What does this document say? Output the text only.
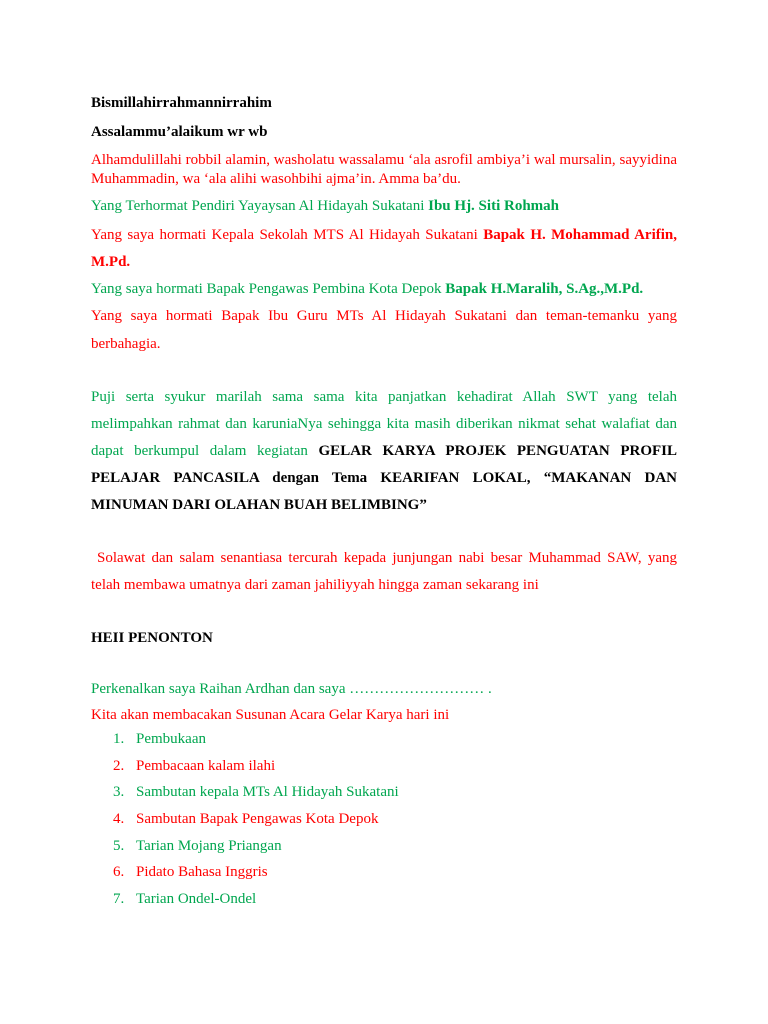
Bismillahirrahmannirrahim

Assalammu’alaikum wr wb

Alhamdulillahi robbil alamin, washolatu wassalamu ‘ala asrofil ambiya’i wal mursalin, sayyidina Muhammadin, wa ‘ala alihi wasohbihi ajma’in. Amma ba’du.

Yang Terhormat Pendiri Yayaysan Al Hidayah Sukatani Ibu Hj. Siti Rohmah

Yang saya hormati Kepala Sekolah MTS Al Hidayah Sukatani Bapak H. Mohammad Arifin, M.Pd.

Yang saya hormati Bapak Pengawas Pembina Kota Depok Bapak H.Maralih, S.Ag.,M.Pd.

Yang saya hormati Bapak Ibu Guru MTs Al Hidayah Sukatani dan teman-temanku yang berbahagia.

Puji serta syukur marilah sama sama kita panjatkan kehadirat Allah SWT yang telah melimpahkan rahmat dan karuniaNya sehingga kita masih diberikan nikmat sehat walafiat dan dapat berkumpul dalam kegiatan GELAR KARYA PROJEK PENGUATAN PROFIL PELAJAR PANCASILA dengan Tema KEARIFAN LOKAL, “MAKANAN DAN MINUMAN DARI OLAHAN BUAH BELIMBING”

Solawat dan salam senantiasa tercurah kepada junjungan nabi besar Muhammad SAW, yang telah membawa umatnya dari zaman jahiliyyah hingga zaman sekarang ini

HEII PENONTON

Perkenalkan saya Raihan Ardhan dan saya ……………………… .

Kita akan membacakan Susunan Acara Gelar Karya hari ini

1. Pembukaan
2. Pembacaan kalam ilahi
3. Sambutan kepala MTs Al Hidayah Sukatani
4. Sambutan Bapak Pengawas Kota Depok
5. Tarian Mojang Priangan
6. Pidato Bahasa Inggris
7. Tarian Ondel-Ondel
